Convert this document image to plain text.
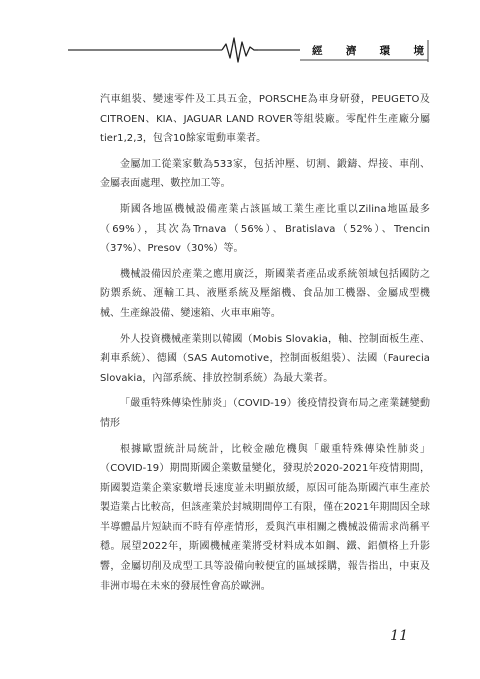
經 濟 環 境

汽車組裝、變速零件及工具五金，PORSCHE為車身研發，PEUGETO及CITROEN、KIA、JAGUAR LAND ROVER等組裝廠。零配件生產廠分屬tier1,2,3，包含10餘家電動車業者。

金屬加工從業家數為533家，包括沖壓、切割、鍛鑄、焊接、車削、金屬表面處理、數控加工等。

斯國各地區機械設備產業占該區域工業生產比重以Zilina地區最多（69%），其次為Trnava（56%）、Bratislava（52%）、Trencin （37%）、Presov（30%）等。

機械設備因於產業之應用廣泛，斯國業者產品或系統領域包括國防之防禦系統、運輸工具、液壓系統及壓縮機、食品加工機器、金屬成型機械、生產線設備、變速箱、火車車廂等。

外人投資機械產業則以韓國（Mobis Slovakia，軸、控制面板生產、剎車系統）、德國（SAS Automotive，控制面板組裝）、法國（Faurecia Slovakia，內部系統、排放控制系統）為最大業者。

「嚴重特殊傳染性肺炎」（COVID-19）後疫情投資布局之產業鏈變動情形

根據歐盟統計局統計，比較金融危機與「嚴重特殊傳染性肺炎」（COVID-19）期間斯國企業數量變化，發現於2020-2021年疫情期間，斯國製造業企業家數增長速度並未明顯放緩，原因可能為斯國汽車生產於製造業占比較高，但該產業於封城期間停工有限，僅在2021年期間因全球半導體晶片短缺而不時有停產情形，爰與汽車相關之機械設備需求尚稱平穩。展望2022年，斯國機械產業將受材料成本如鋼、鐵、鋁價格上升影響，金屬切削及成型工具等設備向較便宜的區域採購，報告指出，中東及非洲市場在未來的發展性會高於歐洲。

11
